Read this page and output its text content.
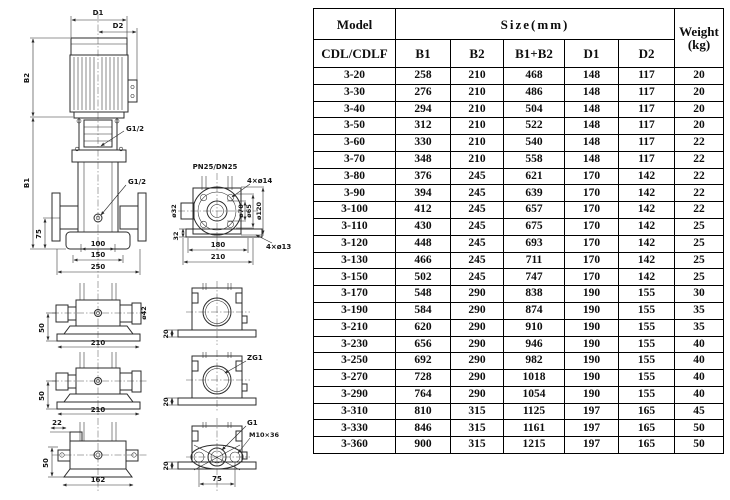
D1
D2
B2
B1
G1/2
G1/2
75
100
150
250
PN25/DN25
4×ø14
ø32	ø70 ø65 ø120
32
180
210
4×ø13
ø42
50
210
50
210
22
50
162
20
ZG1
20
G1
M10×36
20
75
Model	Size(mm)					Weight
(kg)
CDL/CDLF	B1	B2	B1+B2	D1	D2	
3-20	258	210	468	148	117	20
3-30	276	210	486	148	117	20
3-40	294	210	504	148	117	20
3-50	312	210	522	148	117	20
3-60	330	210	540	148	117	22
3-70	348	210	558	148	117	22
3-80	376	245	621	170	142	22
3-90	394	245	639	170	142	22
3-100	412	245	657	170	142	22
3-110	430	245	675	170	142	25
3-120	448	245	693	170	142	25
3-130	466	245	711	170	142	25
3-150	502	245	747	170	142	25
3-170	548	290	838	190	155	30
3-190	584	290	874	190	155	35
3-210	620	290	910	190	155	35
3-230	656	290	946	190	155	40
3-250	692	290	982	190	155	40
3-270	728	290	1018	190	155	40
3-290	764	290	1054	190	155	40
3-310	810	315	1125	197	165	45
3-330	846	315	1161	197	165	50
3-360	900	315	1215	197	165	50
